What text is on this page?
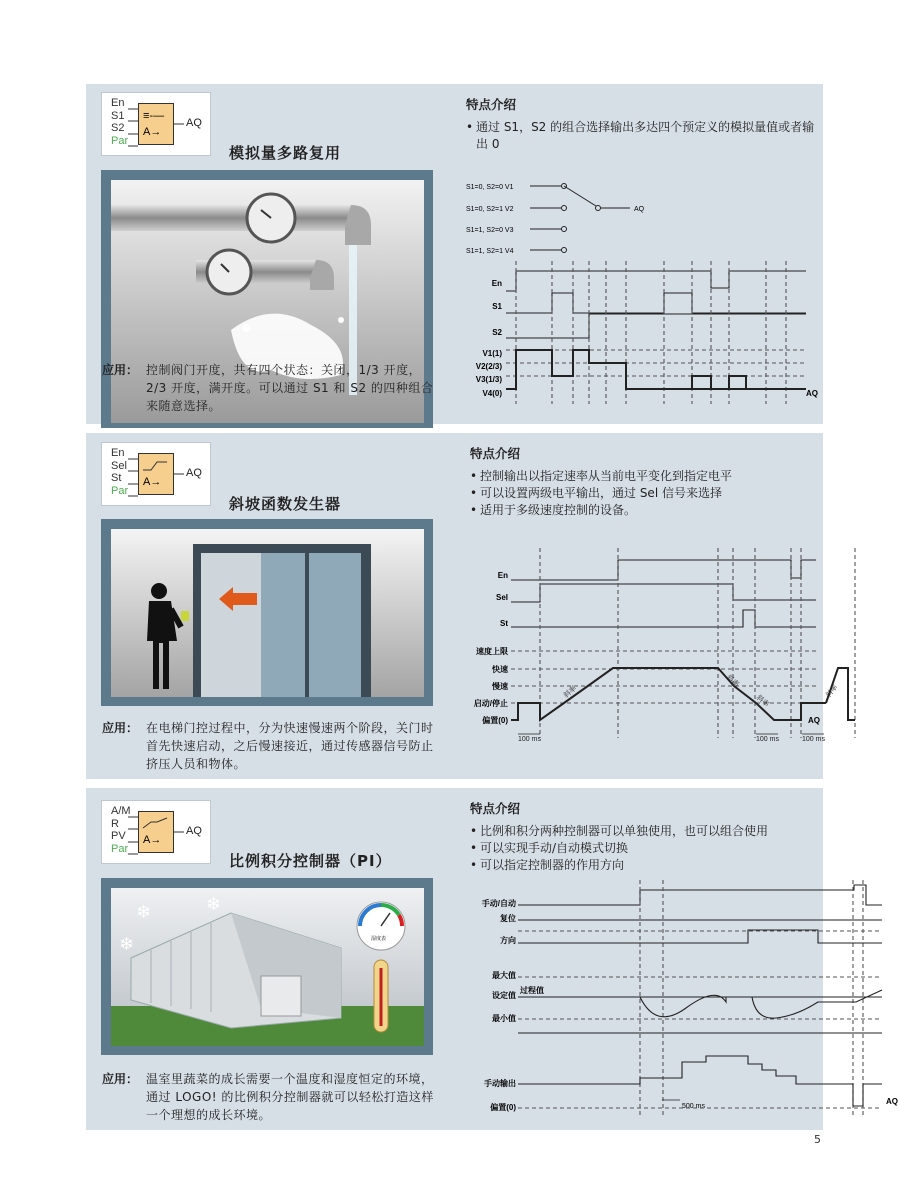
En
S1
S2
Par
≡-—
A→
AQ
模拟量多路复用
应用： 控制阀门开度，共有四个状态：关闭，1/3 开度，2/3 开度，满开度。可以通过 S1 和 S2 的四种组合来随意选择。
特点介绍
• 通过 S1，S2 的组合选择输出多达四个预定义的模拟量值或者输出 0
S1=0, S2=0 V1
S1=0, S2=1 V2
S1=1, S2=0 V3
S1=1, S2=1 V4
AQ
En
S1
S2
V1(1)
V2(2/3)
V3(1/3)
V4(0)	AQ
En
Sel
St
Par
A→
AQ
斜坡函数发生器
应用： 在电梯门控过程中，分为快速慢速两个阶段，关门时首先快速启动，之后慢速接近，通过传感器信号防止挤压人员和物体。
特点介绍
• 控制输出以指定速率从当前电平变化到指定电平
• 可以设置两级电平输出，通过 Sel 信号来选择
• 适用于多级速度控制的设备。
En
Sel
St
速度上限
快速
慢速
启动/停止
偏置(0)	AQ
斜率
斜率
斜率
斜率
100 ms	100 ms	100 ms
A/M
R
PV
Par
A→
AQ
比例积分控制器（PI）
湿度表
❄
❄
❄
应用： 温室里蔬菜的成长需要一个温度和湿度恒定的环境，通过 LOGO! 的比例积分控制器就可以轻松打造这样一个理想的成长环境。
特点介绍
• 比例和积分两种控制器可以单独使用，也可以组合使用
• 可以实现手动/自动模式切换
• 可以指定控制器的作用方向
手动/自动
复位
方向
最大值
设定值
最小值
手动输出
偏置(0)
AQ
过程值
500 ms
5
